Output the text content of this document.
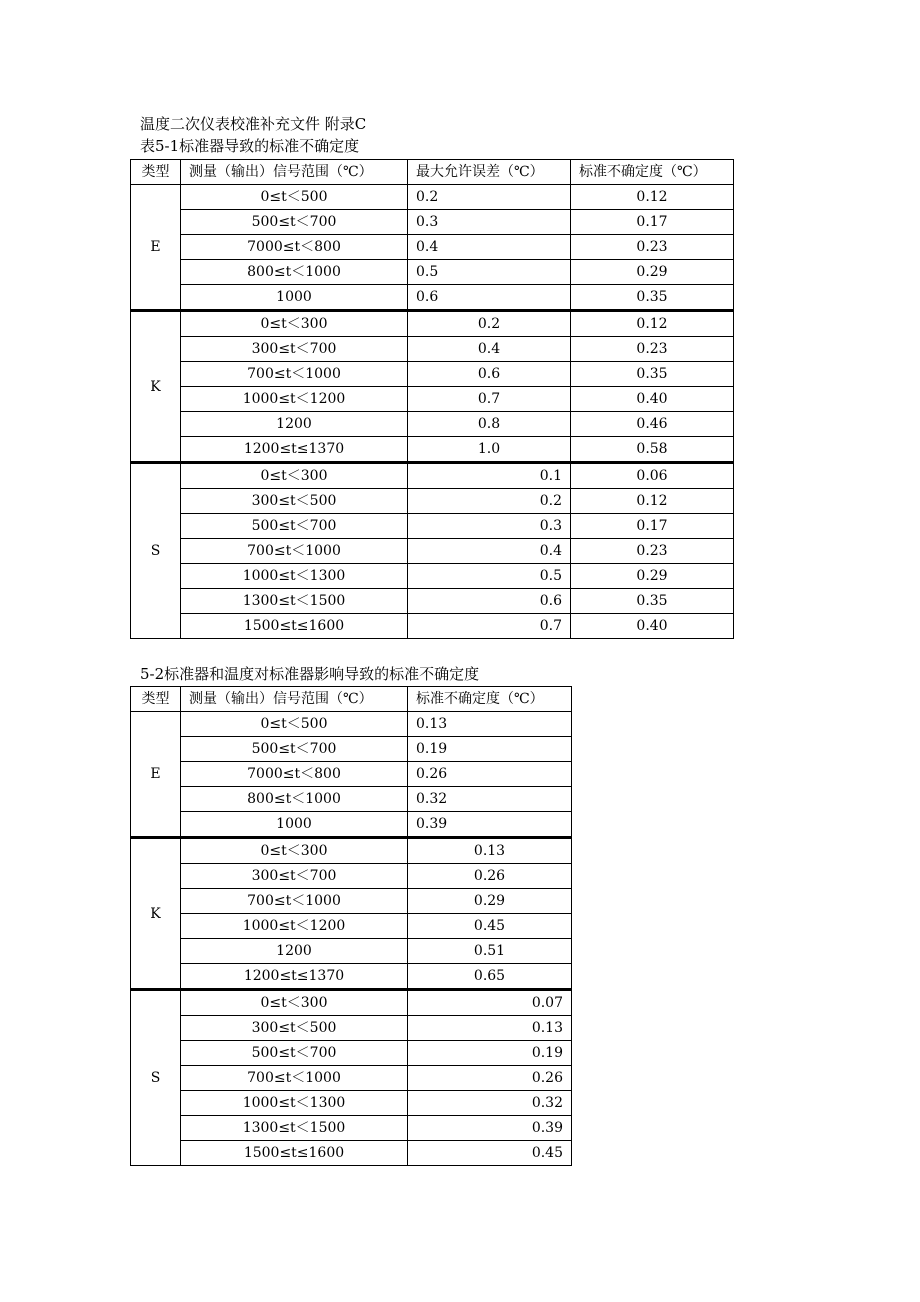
温度二次仪表校准补充文件 附录C
表5-1标准器导致的标准不确定度
类型	测量（输出）信号范围（℃）	最大允许误差（℃）	标准不确定度（℃）
E	0≤t＜500	0.2	0.12
	500≤t＜700	0.3	0.17
	7000≤t＜800	0.4	0.23
	800≤t＜1000	0.5	0.29
	1000	0.6	0.35
K	0≤t＜300	0.2	0.12
	300≤t＜700	0.4	0.23
	700≤t＜1000	0.6	0.35
	1000≤t＜1200	0.7	0.40
	1200	0.8	0.46
	1200≤t≤1370	1.0	0.58
S	0≤t＜300	0.1	0.06
	300≤t＜500	0.2	0.12
	500≤t＜700	0.3	0.17
	700≤t＜1000	0.4	0.23
	1000≤t＜1300	0.5	0.29
	1300≤t＜1500	0.6	0.35
	1500≤t≤1600	0.7	0.40
5-2标准器和温度对标准器影响导致的标准不确定度
类型	测量（输出）信号范围（℃）	标准不确定度（℃）
E	0≤t＜500	0.13
	500≤t＜700	0.19
	7000≤t＜800	0.26
	800≤t＜1000	0.32
	1000	0.39
K	0≤t＜300	0.13
	300≤t＜700	0.26
	700≤t＜1000	0.29
	1000≤t＜1200	0.45
	1200	0.51
	1200≤t≤1370	0.65
S	0≤t＜300	0.07
	300≤t＜500	0.13
	500≤t＜700	0.19
	700≤t＜1000	0.26
	1000≤t＜1300	0.32
	1300≤t＜1500	0.39
	1500≤t≤1600	0.45
